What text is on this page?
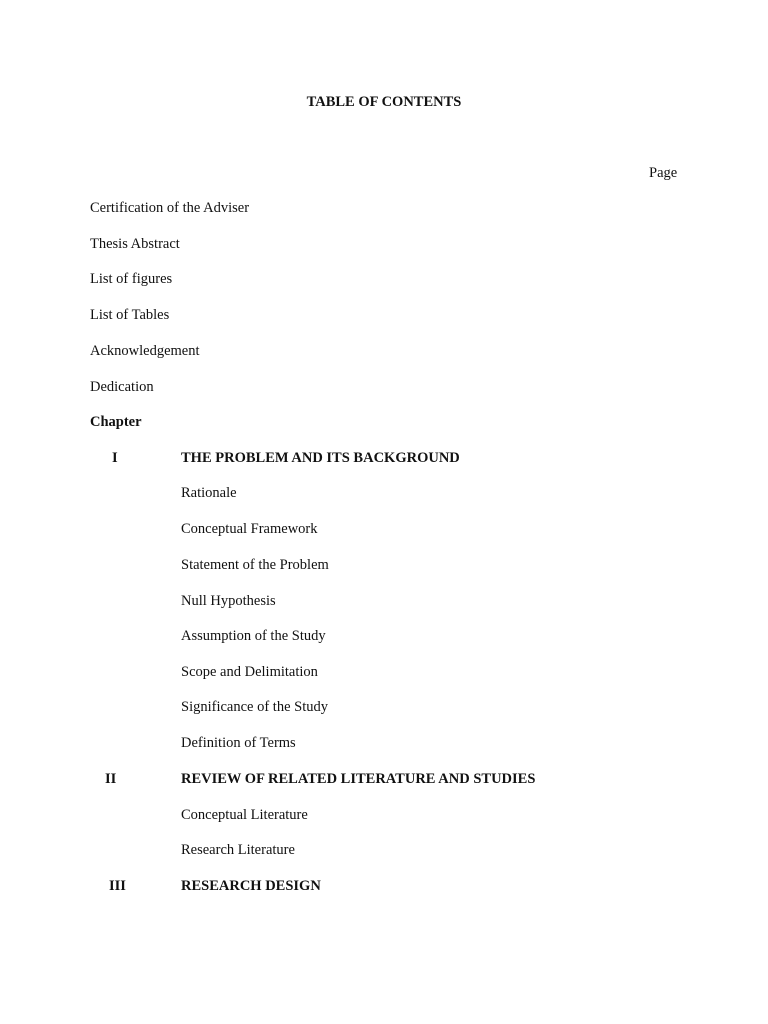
TABLE OF CONTENTS
Page
Certification of the Adviser
Thesis Abstract
List of figures
List of Tables
Acknowledgement
Dedication
Chapter
I	THE PROBLEM AND ITS BACKGROUND
Rationale
Conceptual Framework
Statement of the Problem
Null Hypothesis
Assumption of the Study
Scope and Delimitation
Significance of the Study
Definition of Terms
II	REVIEW OF RELATED LITERATURE AND STUDIES
Conceptual Literature
Research Literature
III	RESEARCH DESIGN
